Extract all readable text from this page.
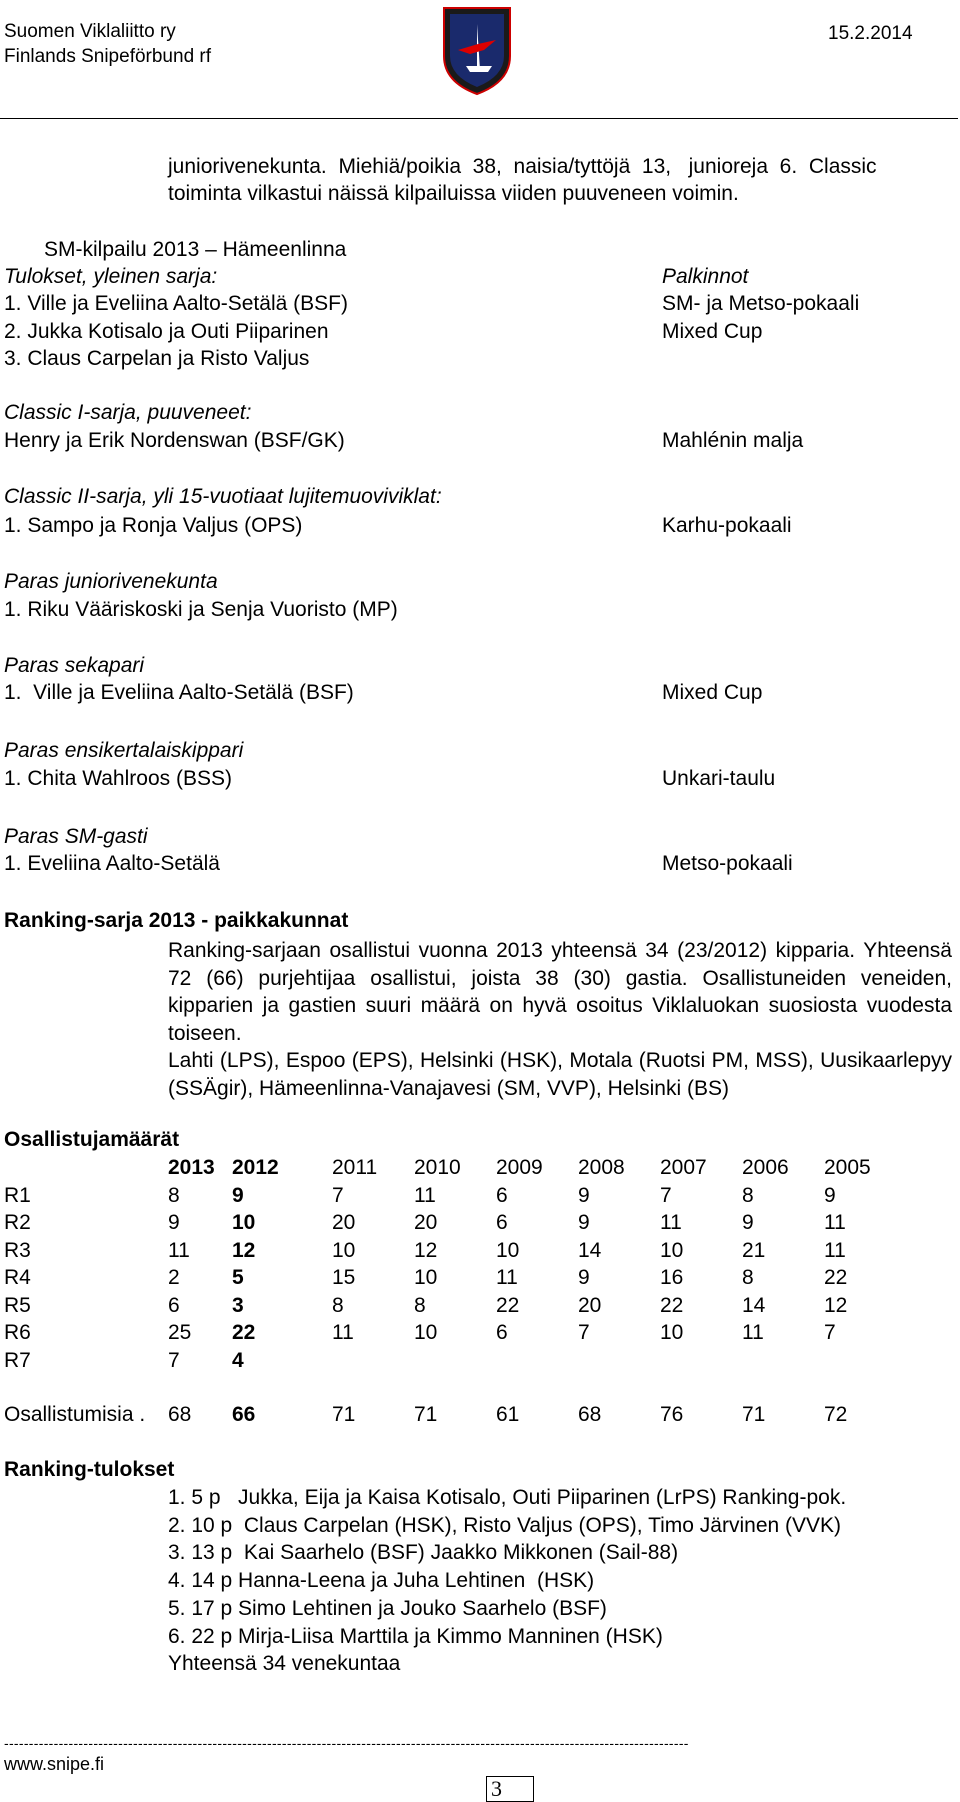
Suomen Viklaliitto ry
Finlands Snipeförbund rf
15.2.2014
juniorivenekunta.  Miehiä/poikia  38,  naisia/tyttöjä  13,   junioreja  6.  Classic
toiminta vilkastui näissä kilpailuissa viiden puuveneen voimin.
SM-kilpailu 2013 – Hämeenlinna
Tulokset, yleinen sarja:	Palkinnot
1. Ville ja Eveliina Aalto-Setälä (BSF)	SM- ja Metso-pokaali
2. Jukka Kotisalo ja Outi Piiparinen	Mixed Cup
3. Claus Carpelan ja Risto Valjus
Classic I-sarja, puuveneet:
Henry ja Erik Nordenswan (BSF/GK)	Mahlénin malja
Classic II-sarja, yli 15-vuotiaat lujitemuoviviklat:
1. Sampo ja Ronja Valjus (OPS)	Karhu-pokaali
Paras juniorivenekunta
1. Riku Vääriskoski ja Senja Vuoristo (MP)
Paras sekapari
1.  Ville ja Eveliina Aalto-Setälä (BSF)	Mixed Cup
Paras ensikertalaiskippari
1. Chita Wahlroos (BSS)	Unkari-taulu
Paras SM-gasti
1. Eveliina Aalto-Setälä	Metso-pokaali
Ranking-sarja 2013 - paikkakunnat
Ranking-sarjaan osallistui vuonna 2013 yhteensä 34 (23/2012) kipparia. Yhteensä 72 (66) purjehtijaa osallistui, joista 38 (30) gastia. Osallistuneiden veneiden, kipparien ja gastien suuri määrä on hyvä osoitus Viklaluokan suosiosta vuodesta toiseen.
Lahti (LPS), Espoo (EPS), Helsinki (HSK), Motala (Ruotsi PM, MSS), Uusikaarlepyy (SSÄgir), Hämeenlinna-Vanajavesi (SM, VVP), Helsinki (BS)
Osallistujamäärät
2013 2012	2011 2010 2009 2008 2007 2006 2005
R1	8 9	7	11	6	9	7	8	9
R2	9 10	20	20	6	9	11	9	11
R3	11 12	10	12	10	14	10	21	11
R4	2 5	15	10	11	9	16	8	22
R5	6 3	8	8	22	20	22	14	12
R6	25 22	11	10	6	7	10	11	7
R7	7 4
Osallistumisia . 68 66	71	71	61	68	76	71	72
Ranking-tulokset
1. 5 p   Jukka, Eija ja Kaisa Kotisalo, Outi Piiparinen (LrPS) Ranking-pok.
2. 10 p  Claus Carpelan (HSK), Risto Valjus (OPS), Timo Järvinen (VVK)
3. 13 p  Kai Saarhelo (BSF) Jaakko Mikkonen (Sail-88)
4. 14 p Hanna-Leena ja Juha Lehtinen  (HSK)
5. 17 p Simo Lehtinen ja Jouko Saarhelo (BSF)
6. 22 p Mirja-Liisa Marttila ja Kimmo Manninen (HSK)
Yhteensä 34 venekuntaa
------------------------------------------------------------------------------------------------------------------------------------------
www.snipe.fi
3
